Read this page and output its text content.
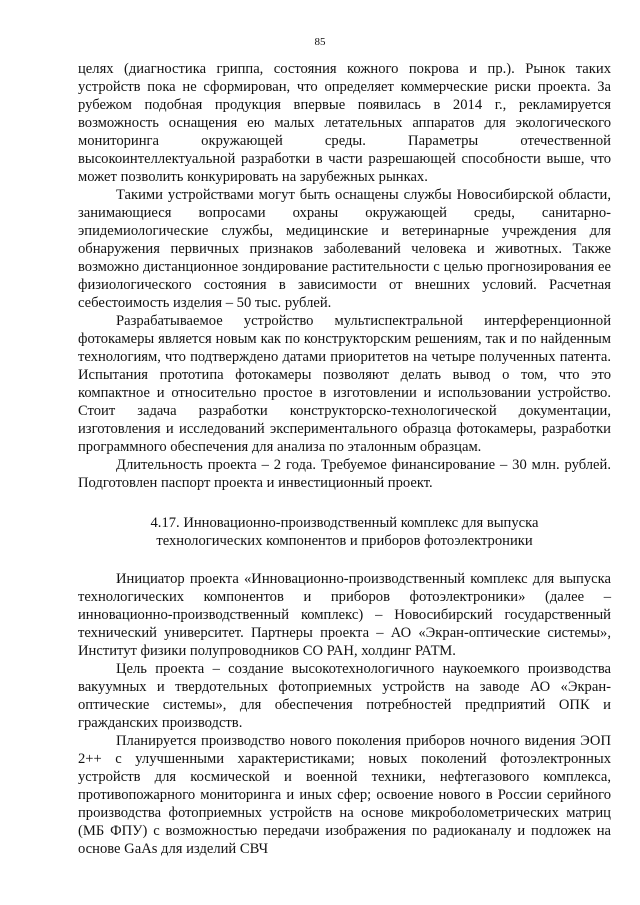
85

целях (диагностика гриппа, состояния кожного покрова и пр.). Рынок таких устройств пока не сформирован, что определяет коммерческие риски проекта. За рубежом подобная продукция впервые появилась в 2014 г., рекламируется возможность оснащения ею малых летательных аппаратов для экологического мониторинга окружающей среды. Параметры отечественной высокоинтеллектуальной разработки в части разрешающей способности выше, что может позволить конкурировать на зарубежных рынках.

Такими устройствами могут быть оснащены службы Новосибирской области, занимающиеся вопросами охраны окружающей среды, санитарно-эпидемиологические службы, медицинские и ветеринарные учреждения для обнаружения первичных признаков заболеваний человека и животных. Также возможно дистанционное зондирование растительности с целью прогнозирования ее физиологического состояния в зависимости от внешних условий. Расчетная себестоимость изделия – 50 тыс. рублей.

Разрабатываемое устройство мультиспектральной интерференционной фотокамеры является новым как по конструкторским решениям, так и по найденным технологиям, что подтверждено датами приоритетов на четыре полученных патента. Испытания прототипа фотокамеры позволяют делать вывод о том, что это компактное и относительно простое в изготовлении и использовании устройство. Стоит задача разработки конструкторско-технологической документации, изготовления и исследований экспериментального образца фотокамеры, разработки программного обеспечения для анализа по эталонным образцам.

Длительность проекта – 2 года. Требуемое финансирование – 30 млн. рублей. Подготовлен паспорт проекта и инвестиционный проект.

4.17. Инновационно-производственный комплекс для выпуска
технологических компонентов и приборов фотоэлектроники

Инициатор проекта «Инновационно-производственный комплекс для выпуска технологических компонентов и приборов фотоэлектроники» (далее – инновационно-производственный комплекс) – Новосибирский государственный технический университет. Партнеры проекта – АО «Экран-оптические системы», Институт физики полупроводников СО РАН, холдинг РАТМ.

Цель проекта – создание высокотехнологичного наукоемкого производства вакуумных и твердотельных фотоприемных устройств на заводе АО «Экран-оптические системы», для обеспечения потребностей предприятий ОПК и гражданских производств.

Планируется производство нового поколения приборов ночного видения ЭОП 2++ с улучшенными характеристиками; новых поколений фотоэлектронных устройств для космической и военной техники, нефтегазового комплекса, противопожарного мониторинга и иных сфер; освоение нового в России серийного производства фотоприемных устройств на основе микроболометрических матриц (МБ ФПУ) с возможностью передачи изображения по радиоканалу и подложек на основе GaAs для изделий СВЧ
